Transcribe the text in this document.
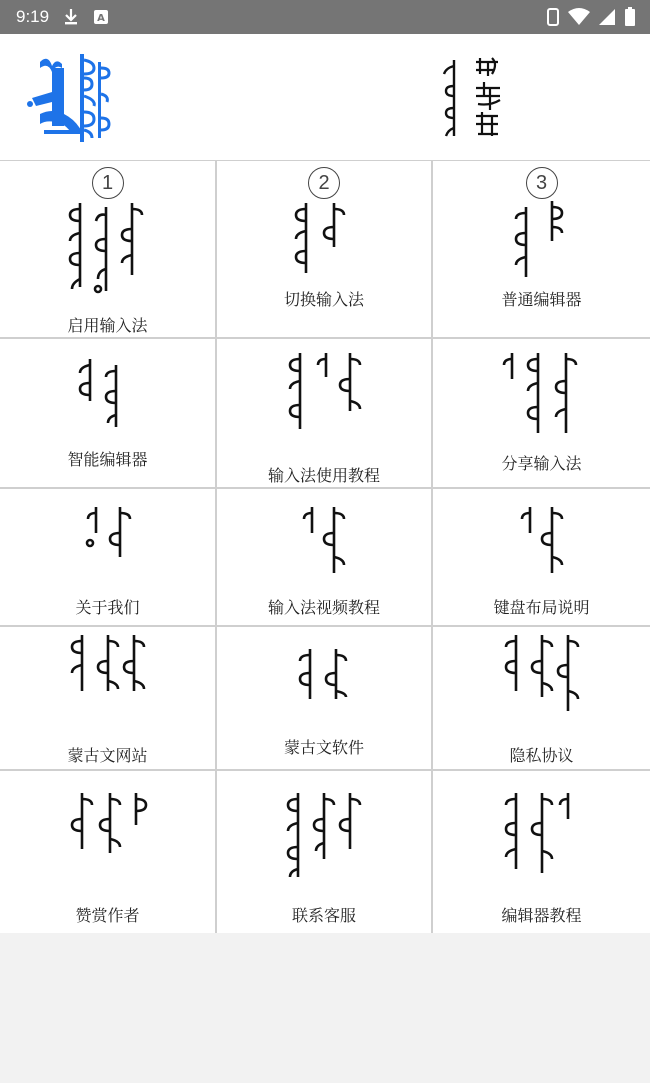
9:19	A
1
启用输入法
2
切换输入法
3
普通编辑器
智能编辑器
输入法使用教程
分享输入法
关于我们	输入法视频教程	键盘布局说明
蒙古文网站	蒙古文软件	隐私协议
赞赏作者	联系客服	编辑器教程
